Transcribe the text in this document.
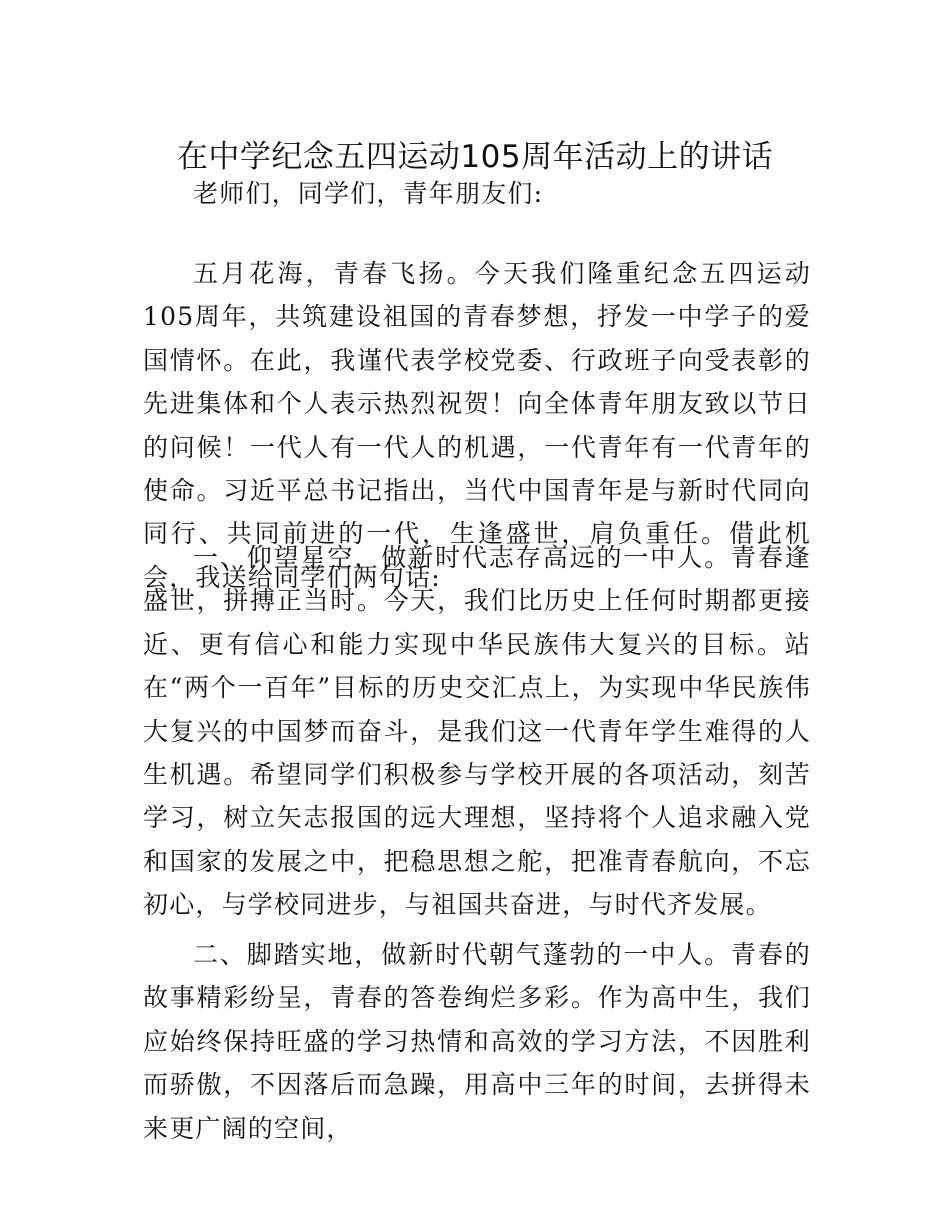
在中学纪念五四运动105周年活动上的讲话

老师们，同学们，青年朋友们:

五月花海，青春飞扬。今天我们隆重纪念五四运动105周年，共筑建设祖国的青春梦想，抒发一中学子的爱国情怀。在此，我谨代表学校党委、行政班子向受表彰的先进集体和个人表示热烈祝贺！向全体青年朋友致以节日的问候！一代人有一代人的机遇，一代青年有一代青年的使命。习近平总书记指出，当代中国青年是与新时代同向同行、共同前进的一代，生逢盛世，肩负重任。借此机会，我送给同学们两句话:

一、仰望星空，做新时代志存高远的一中人。青春逢盛世，拼搏正当时。今天，我们比历史上任何时期都更接近、更有信心和能力实现中华民族伟大复兴的目标。站在“两个一百年”目标的历史交汇点上，为实现中华民族伟大复兴的中国梦而奋斗，是我们这一代青年学生难得的人生机遇。希望同学们积极参与学校开展的各项活动，刻苦学习，树立矢志报国的远大理想，坚持将个人追求融入党和国家的发展之中，把稳思想之舵，把准青春航向，不忘初心，与学校同进步，与祖国共奋进，与时代齐发展。

二、脚踏实地，做新时代朝气蓬勃的一中人。青春的故事精彩纷呈，青春的答卷绚烂多彩。作为高中生，我们应始终保持旺盛的学习热情和高效的学习方法，不因胜利而骄傲，不因落后而急躁，用高中三年的时间，去拼得未来更广阔的空间，
